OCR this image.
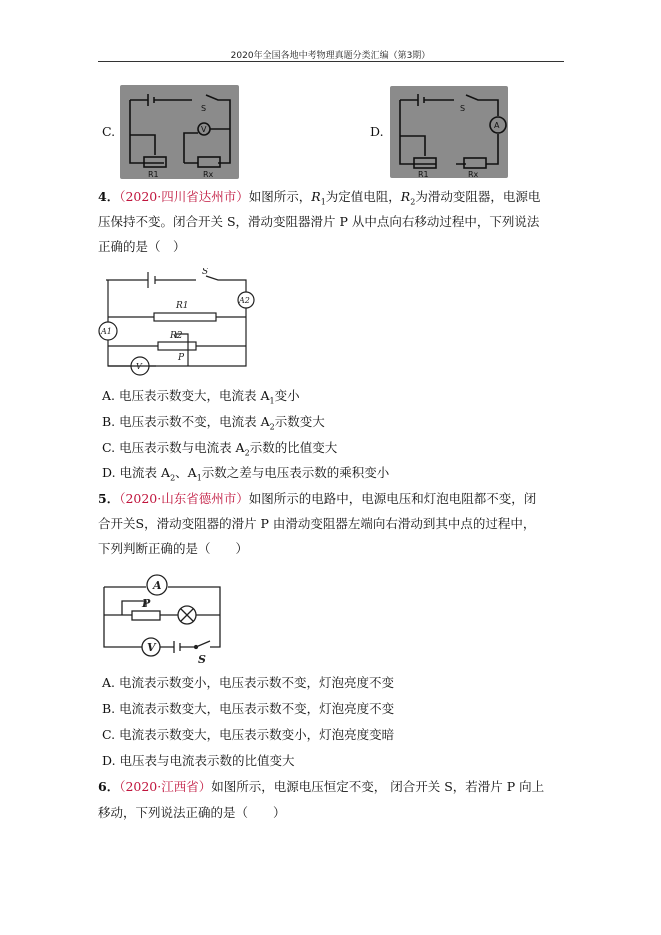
2020年全国各地中考物理真题分类汇编（第3期）
C.
S
V
R1	Rx
D.
S
A
R1	Rx
4．（2020·四川省达州市）如图所示，$R_1$为定值电阻，$R_2$为滑动变阻器，电源电
压保持不变。闭合开关 S，滑动变阻器滑片 P 从中点向右移动过程中，下列说法
正确的是（　）
S
R1
R2
P
A1
A2
V
A. 电压表示数变大，电流表 $A_1$变小
B. 电压表示数不变，电流表 $A_2$示数变大
C. 电压表示数与电流表 $A_2$示数的比值变大
D. 电流表 $A_2$、$A_1$示数之差与电压表示数的乘积变小
5．（2020·山东省德州市）如图所示的电路中，电源电压和灯泡电阻都不变，闭
合开关S，滑动变阻器的滑片 P 由滑动变阻器左端向右滑动到其中点的过程中，
下列判断正确的是（　　）
A
P
V
S
A. 电流表示数变小，电压表示数不变，灯泡亮度不变
B. 电流表示数变大，电压表示数不变，灯泡亮度不变
C. 电流表示数变大，电压表示数变小，灯泡亮度变暗
D. 电压表与电流表示数的比值变大
6．（2020·江西省）如图所示，电源电压恒定不变， 闭合开关 S，若滑片 P 向上
移动，下列说法正确的是（　　）
